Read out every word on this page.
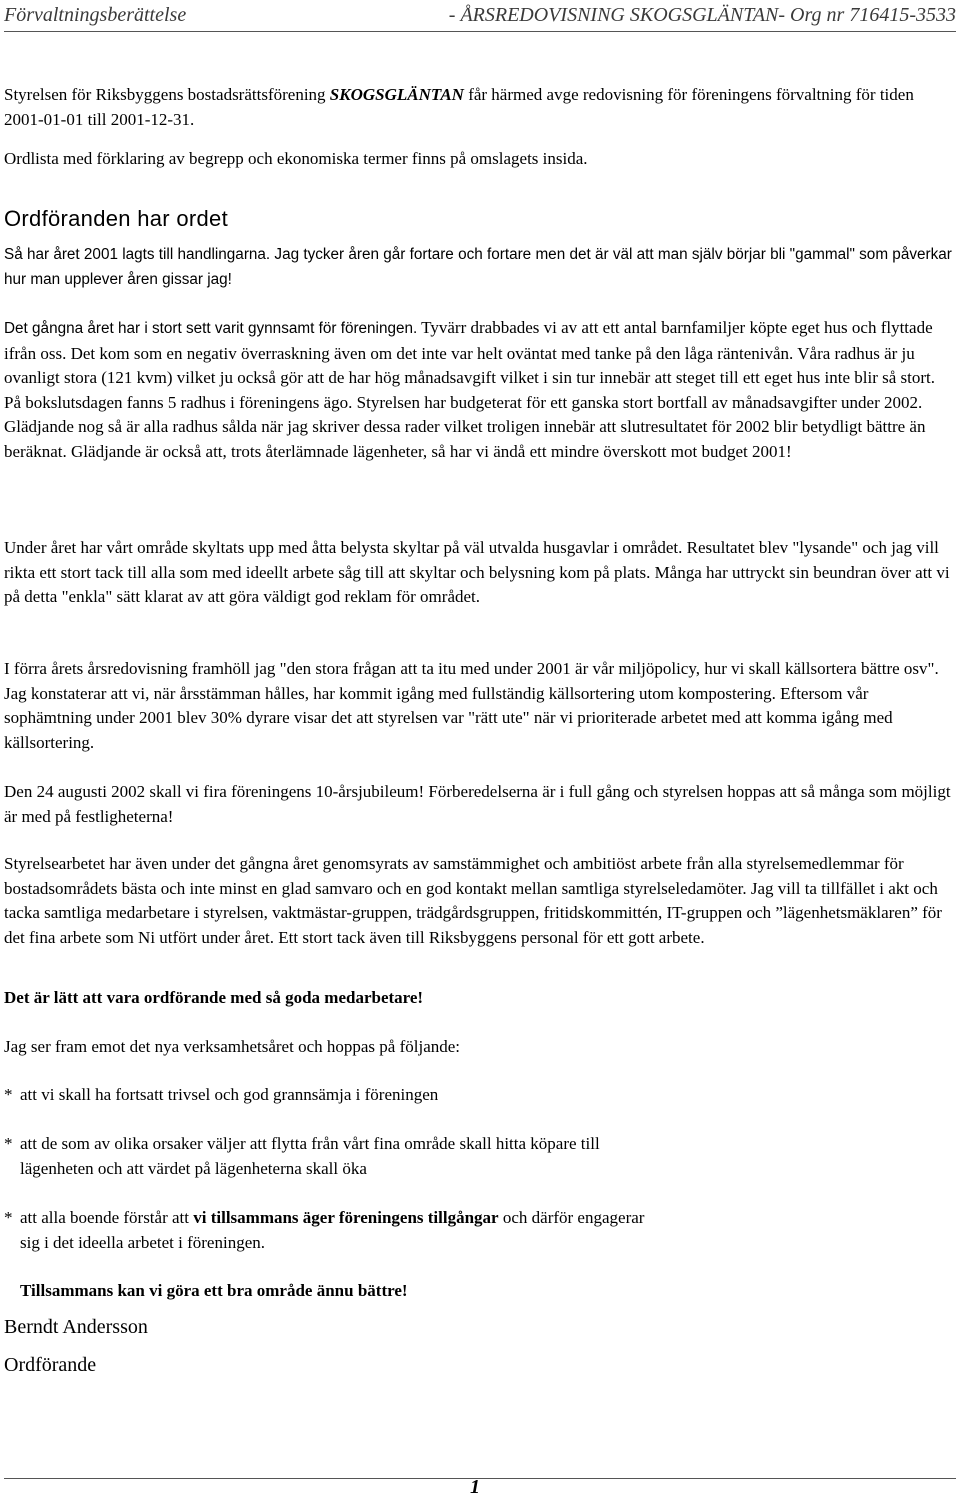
Förvaltningsberättelse	- ÅRSREDOVISNING SKOGSGLÄNTAN- Org nr 716415-3533
Styrelsen för Riksbyggens bostadsrättsförening SKOGSGLÄNTAN får härmed avge redovisning för föreningens förvaltning för tiden 2001-01-01 till 2001-12-31.
Ordlista med förklaring av begrepp och ekonomiska termer finns på omslagets insida.
Ordföranden har ordet
Så har året 2001 lagts till handlingarna. Jag tycker åren går fortare och fortare men det är väl att man själv börjar bli "gammal" som påverkar hur man upplever åren gissar jag!
Det gångna året har i stort sett varit gynnsamt för föreningen. Tyvärr drabbades vi av att ett antal barnfamiljer köpte eget hus och flyttade ifrån oss. Det kom som en negativ överraskning även om det inte var helt oväntat med tanke på den låga räntenivån. Våra radhus är ju ovanligt stora (121 kvm) vilket ju också gör att de har hög månadsavgift vilket i sin tur innebär att steget till ett eget hus inte blir så stort. På bokslutsdagen fanns 5 radhus i föreningens ägo. Styrelsen har budgeterat för ett ganska stort bortfall av månadsavgifter under 2002. Glädjande nog så är alla radhus sålda när jag skriver dessa rader vilket troligen innebär att slutresultatet för 2002 blir betydligt bättre än beräknat. Glädjande är också att, trots återlämnade lägenheter, så har vi ändå ett mindre överskott mot budget 2001!
Under året har vårt område skyltats upp med åtta belysta skyltar på väl utvalda husgavlar i området. Resultatet blev "lysande" och jag vill rikta ett stort tack till alla som med ideellt arbete såg till att skyltar och belysning kom på plats. Många har uttryckt sin beundran över att vi på detta "enkla" sätt klarat av att göra väldigt god reklam för området.
I förra årets årsredovisning framhöll jag "den stora frågan att ta itu med under 2001 är vår miljöpolicy, hur vi skall källsortera bättre osv". Jag konstaterar att vi, när årsstämman hålles, har kommit igång med fullständig källsortering utom kompostering. Eftersom vår sophämtning under 2001 blev 30% dyrare visar det att styrelsen var "rätt ute" när vi prioriterade arbetet med att komma igång med källsortering.
Den 24 augusti 2002 skall vi fira föreningens 10-årsjubileum! Förberedelserna är i full gång och styrelsen hoppas att så många som möjligt är med på festligheterna!
Styrelsearbetet har även under det gångna året genomsyrats av samstämmighet och ambitiöst arbete från alla styrelsemedlemmar för bostadsområdets bästa och inte minst en glad samvaro och en god kontakt mellan samtliga styrelseledamöter. Jag vill ta tillfället i akt och tacka samtliga medarbetare i styrelsen, vaktmästar-gruppen, trädgårdsgruppen, fritidskommittén, IT-gruppen och ”lägenhetsmäklaren” för det fina arbete som Ni utfört under året. Ett stort tack även till Riksbyggens personal för ett gott arbete.
Det är lätt att vara ordförande med så goda medarbetare!
Jag ser fram emot det nya verksamhetsåret och hoppas på följande:
* att vi skall ha fortsatt trivsel och god grannsämja i föreningen
* att de som av olika orsaker väljer att flytta från vårt fina område skall hitta köpare till
lägenheten och att värdet på lägenheterna skall öka
* att alla boende förstår att vi tillsammans äger föreningens tillgångar och därför engagerar
sig i det ideella arbetet i föreningen.
Tillsammans kan vi göra ett bra område ännu bättre!
Berndt Andersson
Ordförande
1
